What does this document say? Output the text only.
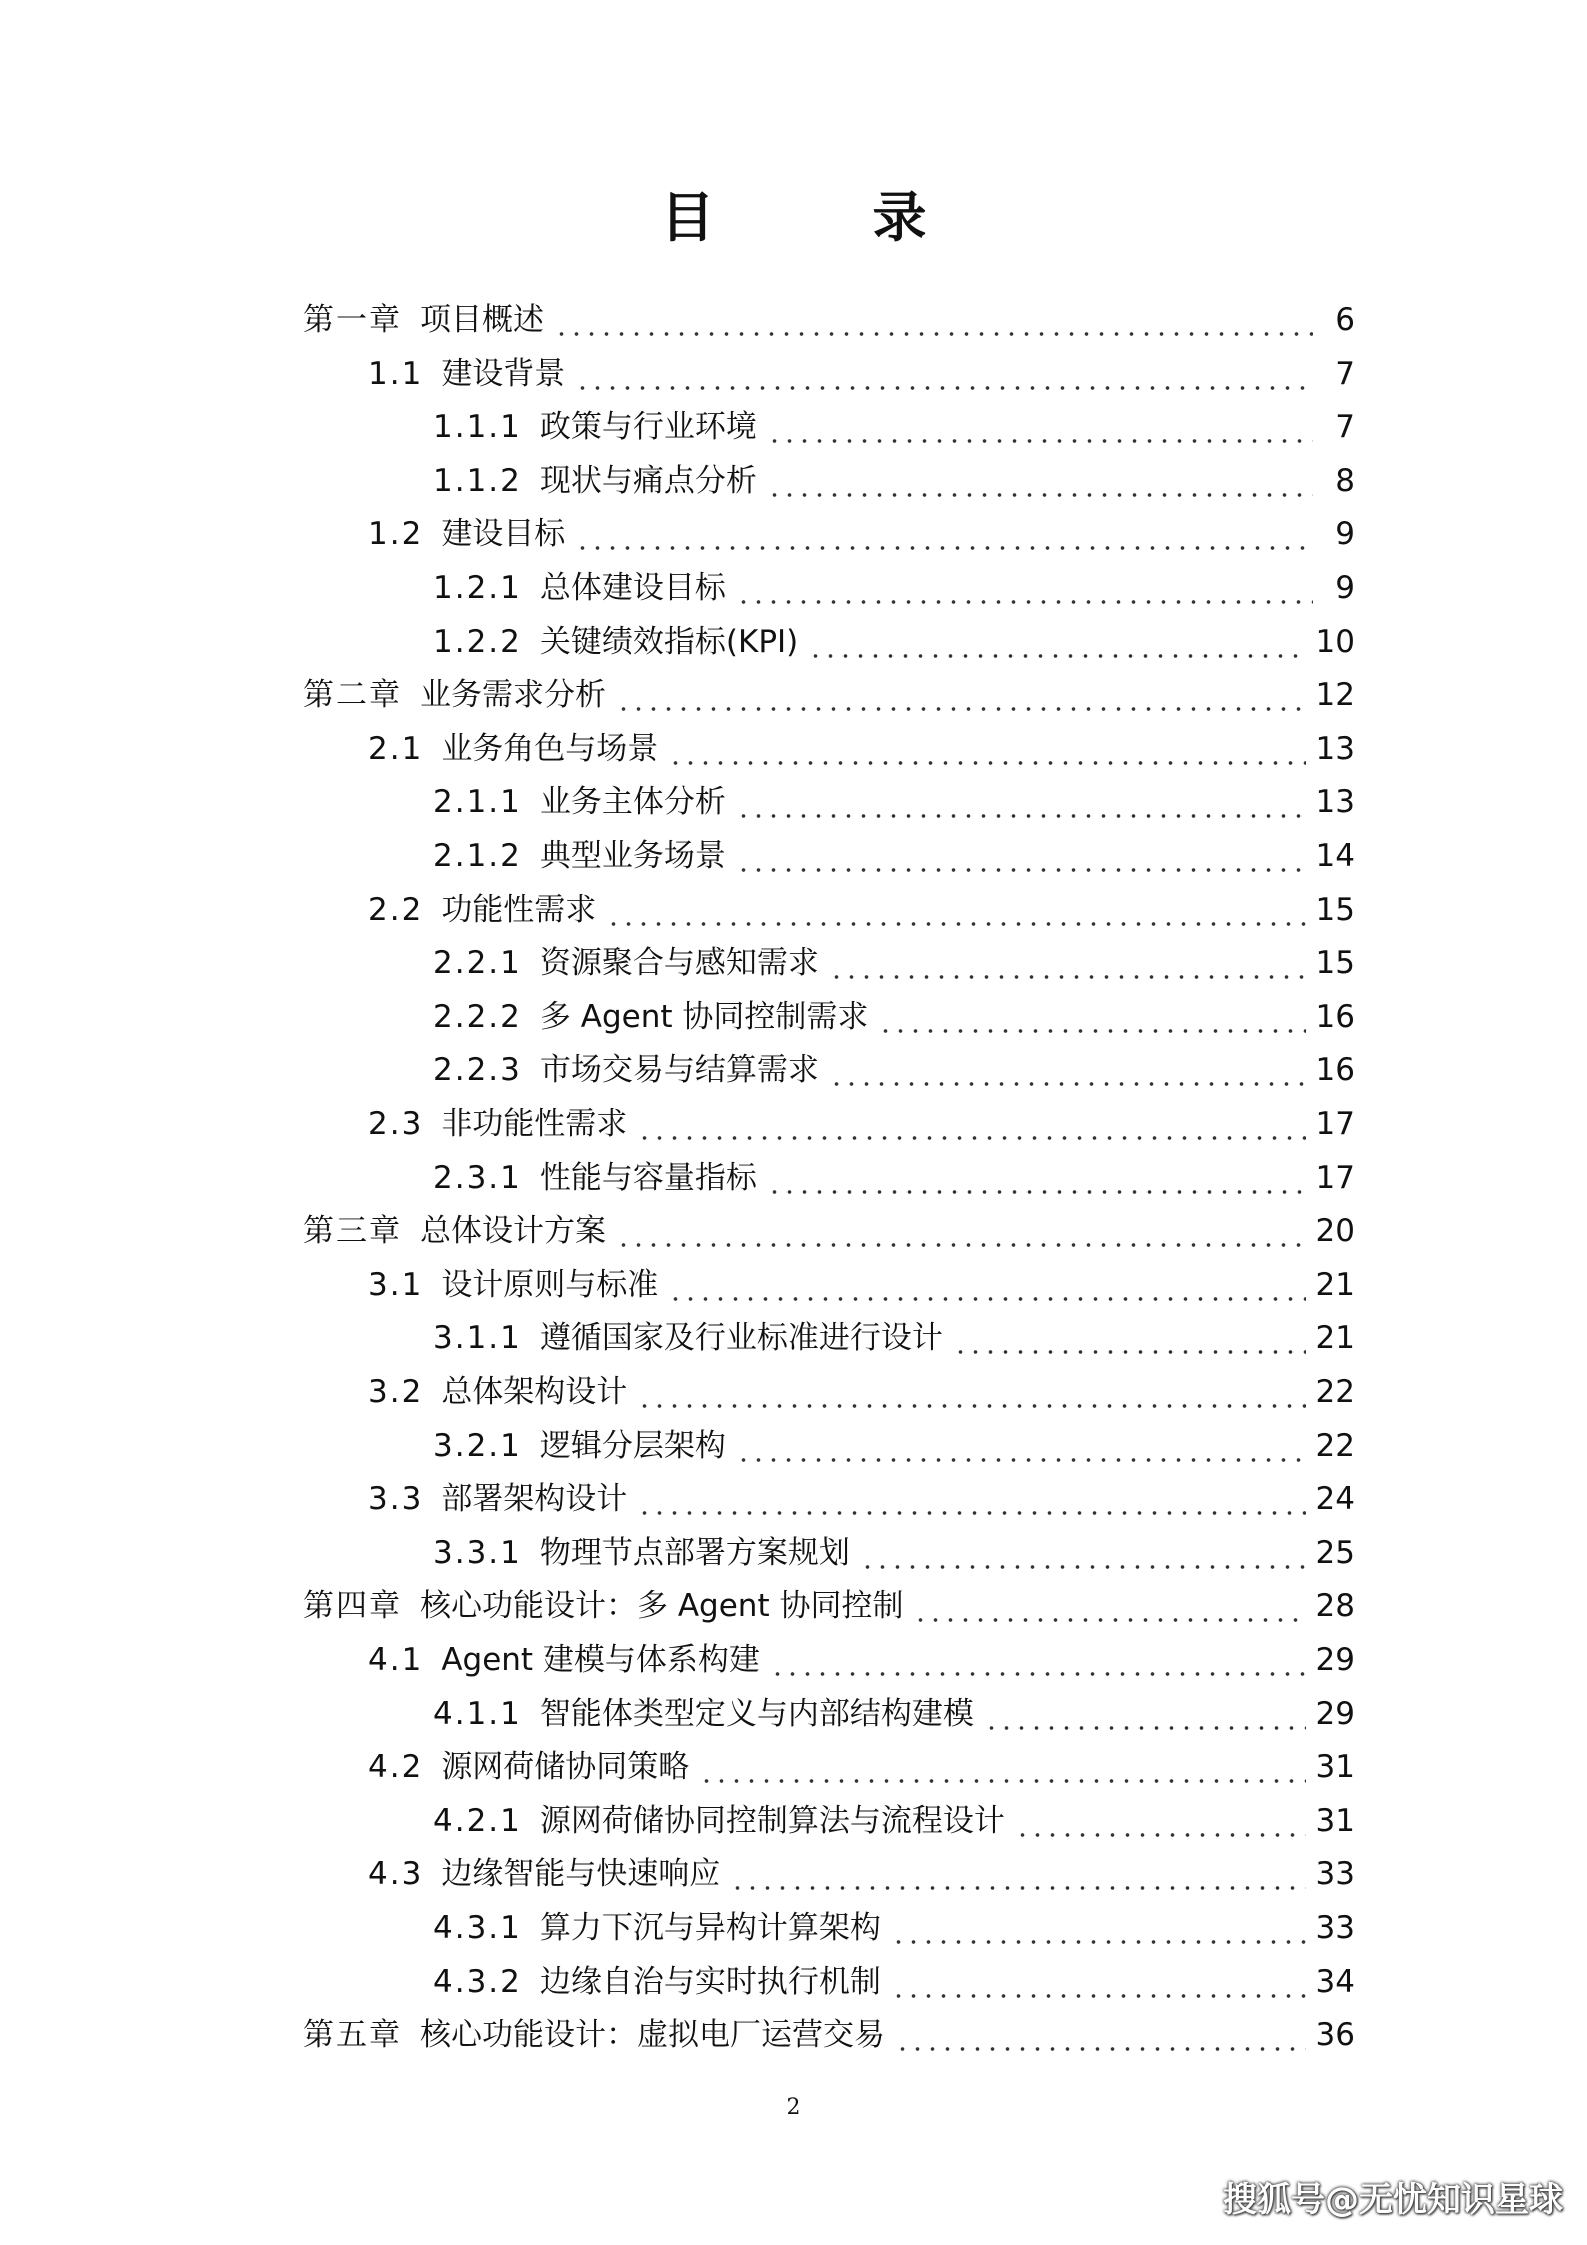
目　录
第一章 项目概述	6
1.1 建设背景	7
1.1.1 政策与行业环境	7
1.1.2 现状与痛点分析	8
1.2 建设目标	9
1.2.1 总体建设目标	9
1.2.2 关键绩效指标(KPI)	10
第二章 业务需求分析	12
2.1 业务角色与场景	13
2.1.1 业务主体分析	13
2.1.2 典型业务场景	14
2.2 功能性需求	15
2.2.1 资源聚合与感知需求	15
2.2.2 多 Agent 协同控制需求	16
2.2.3 市场交易与结算需求	16
2.3 非功能性需求	17
2.3.1 性能与容量指标	17
第三章 总体设计方案	20
3.1 设计原则与标准	21
3.1.1 遵循国家及行业标准进行设计	21
3.2 总体架构设计	22
3.2.1 逻辑分层架构	22
3.3 部署架构设计	24
3.3.1 物理节点部署方案规划	25
第四章 核心功能设计：多 Agent 协同控制	28
4.1 Agent 建模与体系构建	29
4.1.1 智能体类型定义与内部结构建模	29
4.2 源网荷储协同策略	31
4.2.1 源网荷储协同控制算法与流程设计	31
4.3 边缘智能与快速响应	33
4.3.1 算力下沉与异构计算架构	33
4.3.2 边缘自治与实时执行机制	34
第五章 核心功能设计：虚拟电厂运营交易	36
2
搜狐号@无忧知识星球
